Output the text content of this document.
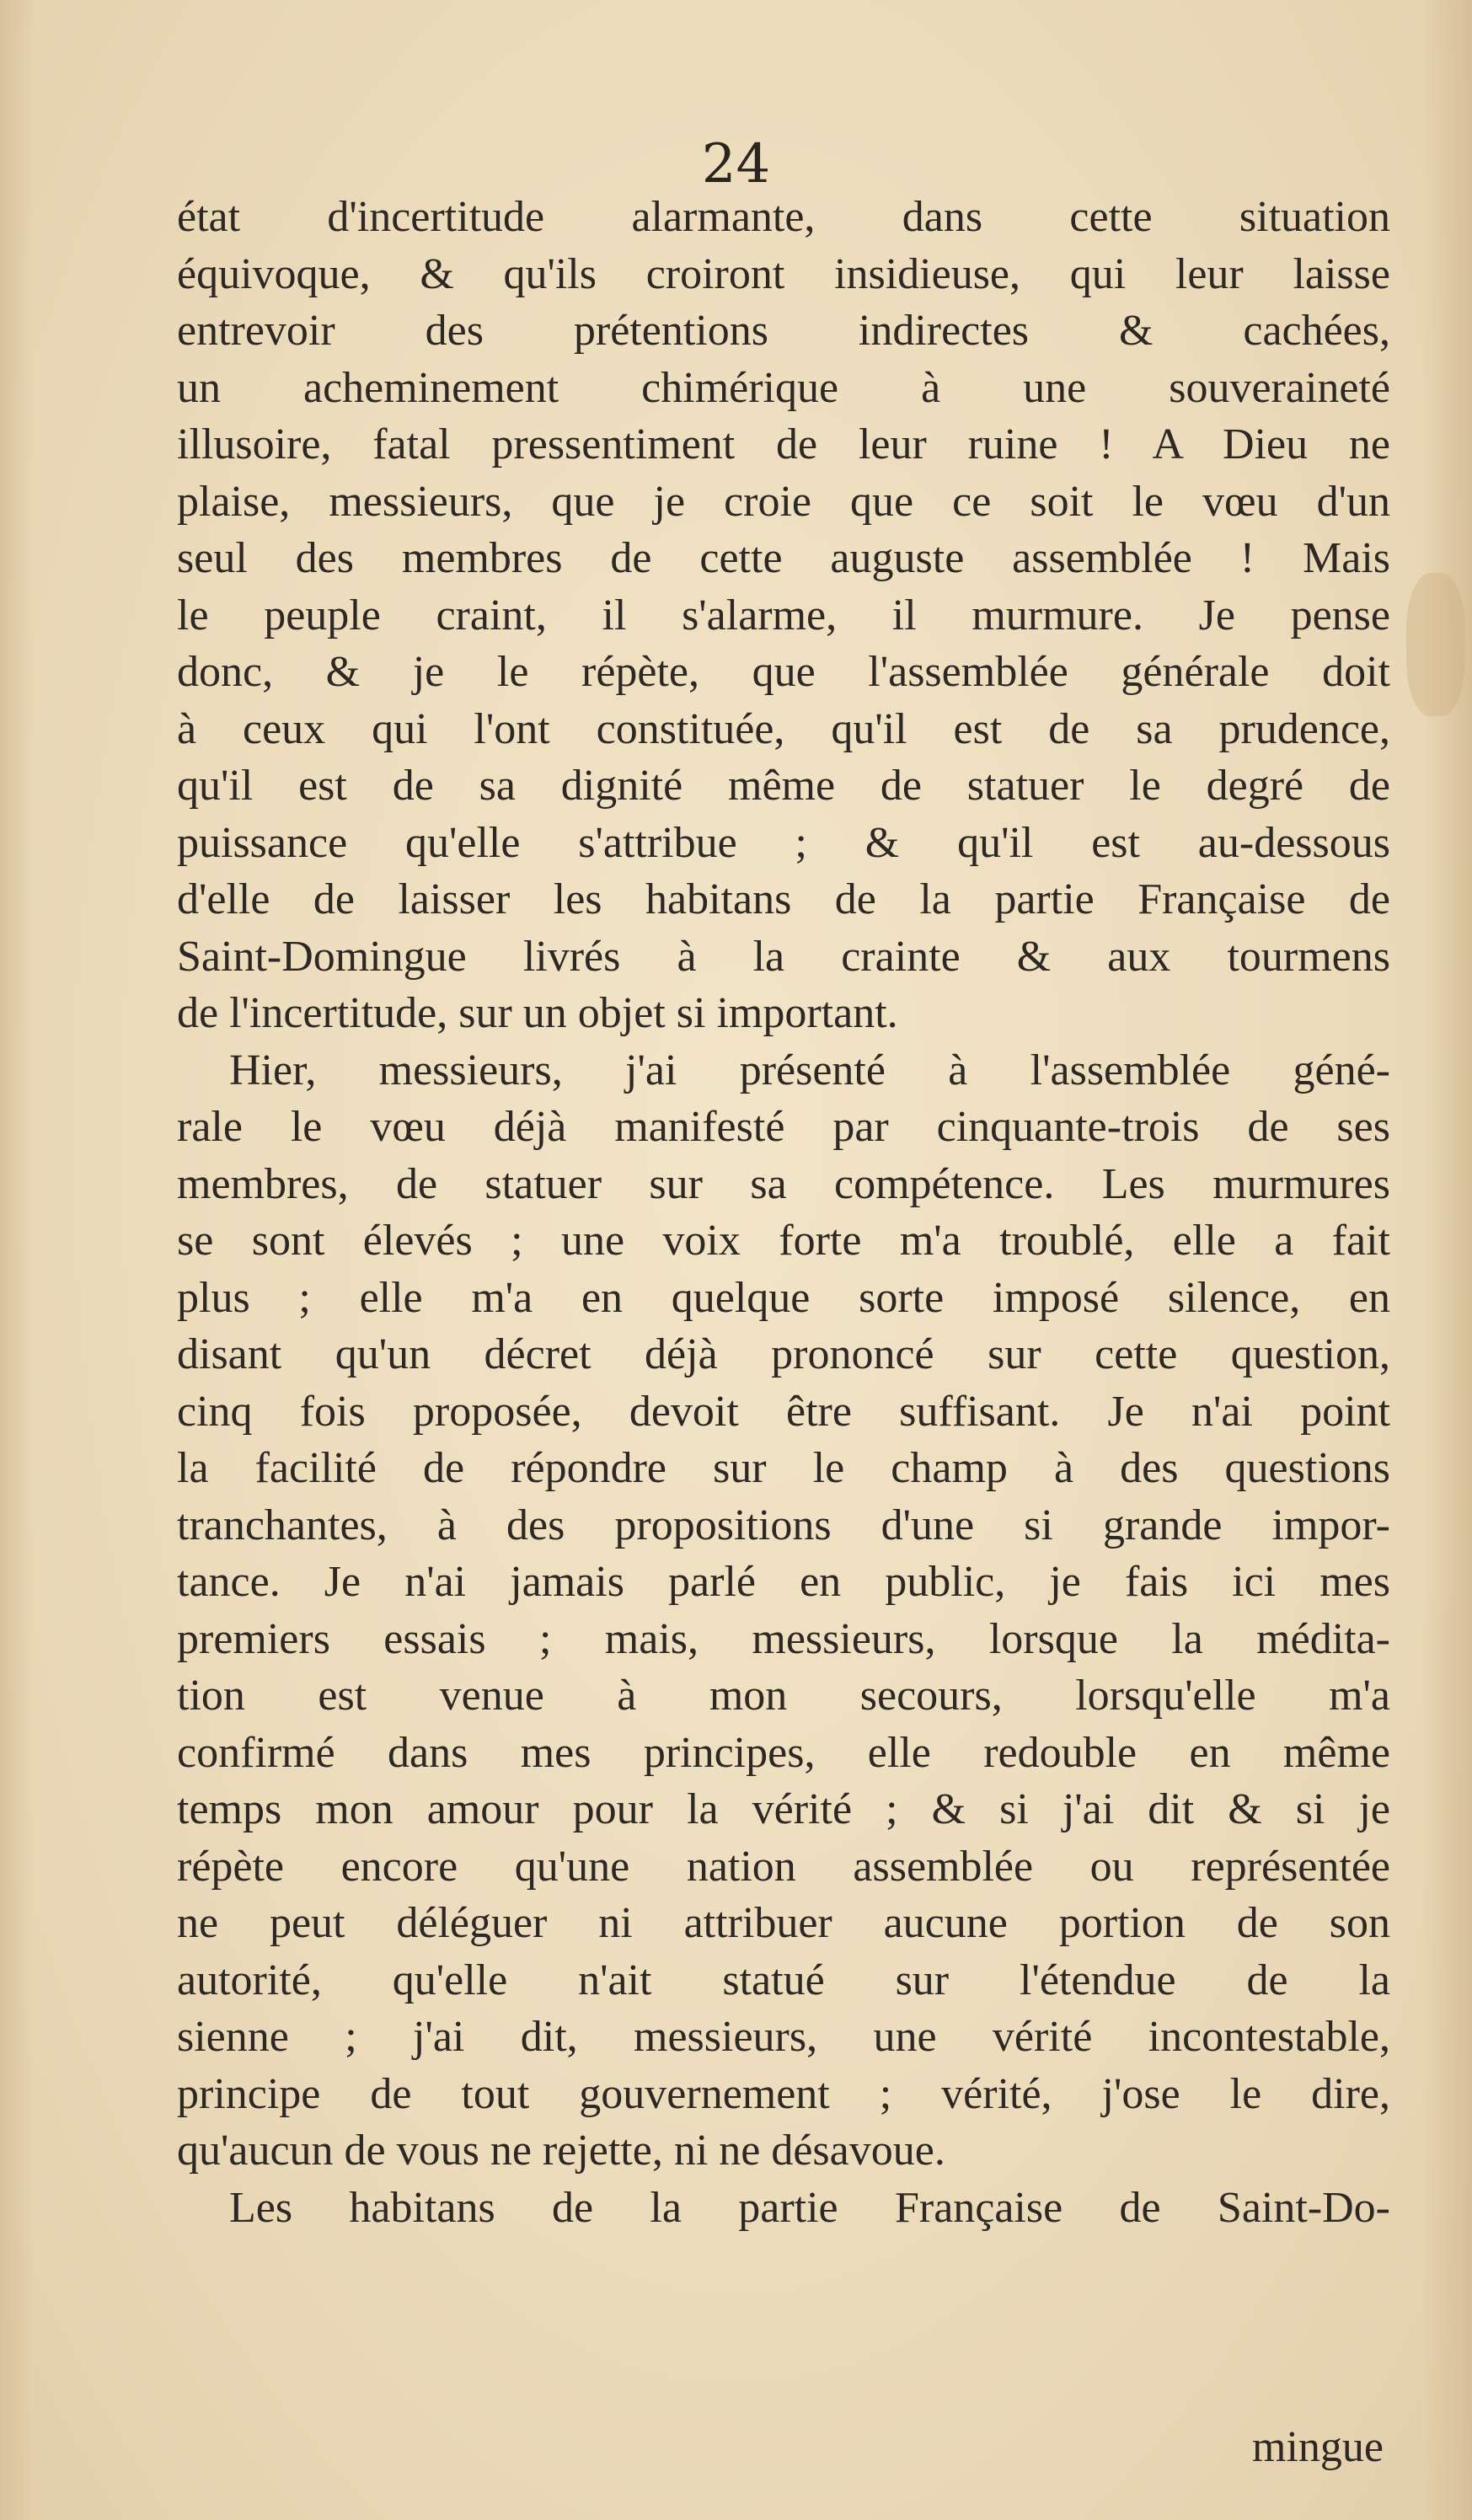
24
état d'incertitude alarmante, dans cette situation
équivoque, & qu'ils croiront insidieuse, qui leur laisse
entrevoir des prétentions indirectes & cachées,
un acheminement chimérique à une souveraineté
illusoire, fatal pressentiment de leur ruine ! A Dieu ne
plaise, messieurs, que je croie que ce soit le vœu d'un
seul des membres de cette auguste assemblée ! Mais
le peuple craint, il s'alarme, il murmure. Je pense
donc, & je le répète, que l'assemblée générale doit
à ceux qui l'ont constituée, qu'il est de sa prudence,
qu'il est de sa dignité même de statuer le degré de
puissance qu'elle s'attribue ; & qu'il est au-dessous
d'elle de laisser les habitans de la partie Française de
Saint-Domingue livrés à la crainte & aux tourmens
de l'incertitude, sur un objet si important.
Hier, messieurs, j'ai présenté à l'assemblée géné-
rale le vœu déjà manifesté par cinquante-trois de ses
membres, de statuer sur sa compétence. Les murmures
se sont élevés ; une voix forte m'a troublé, elle a fait
plus ; elle m'a en quelque sorte imposé silence, en
disant qu'un décret déjà prononcé sur cette question,
cinq fois proposée, devoit être suffisant. Je n'ai point
la facilité de répondre sur le champ à des questions
tranchantes, à des propositions d'une si grande impor-
tance. Je n'ai jamais parlé en public, je fais ici mes
premiers essais ; mais, messieurs, lorsque la médita-
tion est venue à mon secours, lorsqu'elle m'a
confirmé dans mes principes, elle redouble en même
temps mon amour pour la vérité ; & si j'ai dit & si je
répète encore qu'une nation assemblée ou représentée
ne peut déléguer ni attribuer aucune portion de son
autorité, qu'elle n'ait statué sur l'étendue de la
sienne ; j'ai dit, messieurs, une vérité incontestable,
principe de tout gouvernement ; vérité, j'ose le dire,
qu'aucun de vous ne rejette, ni ne désavoue.
Les habitans de la partie Française de Saint-Do-
mingue
